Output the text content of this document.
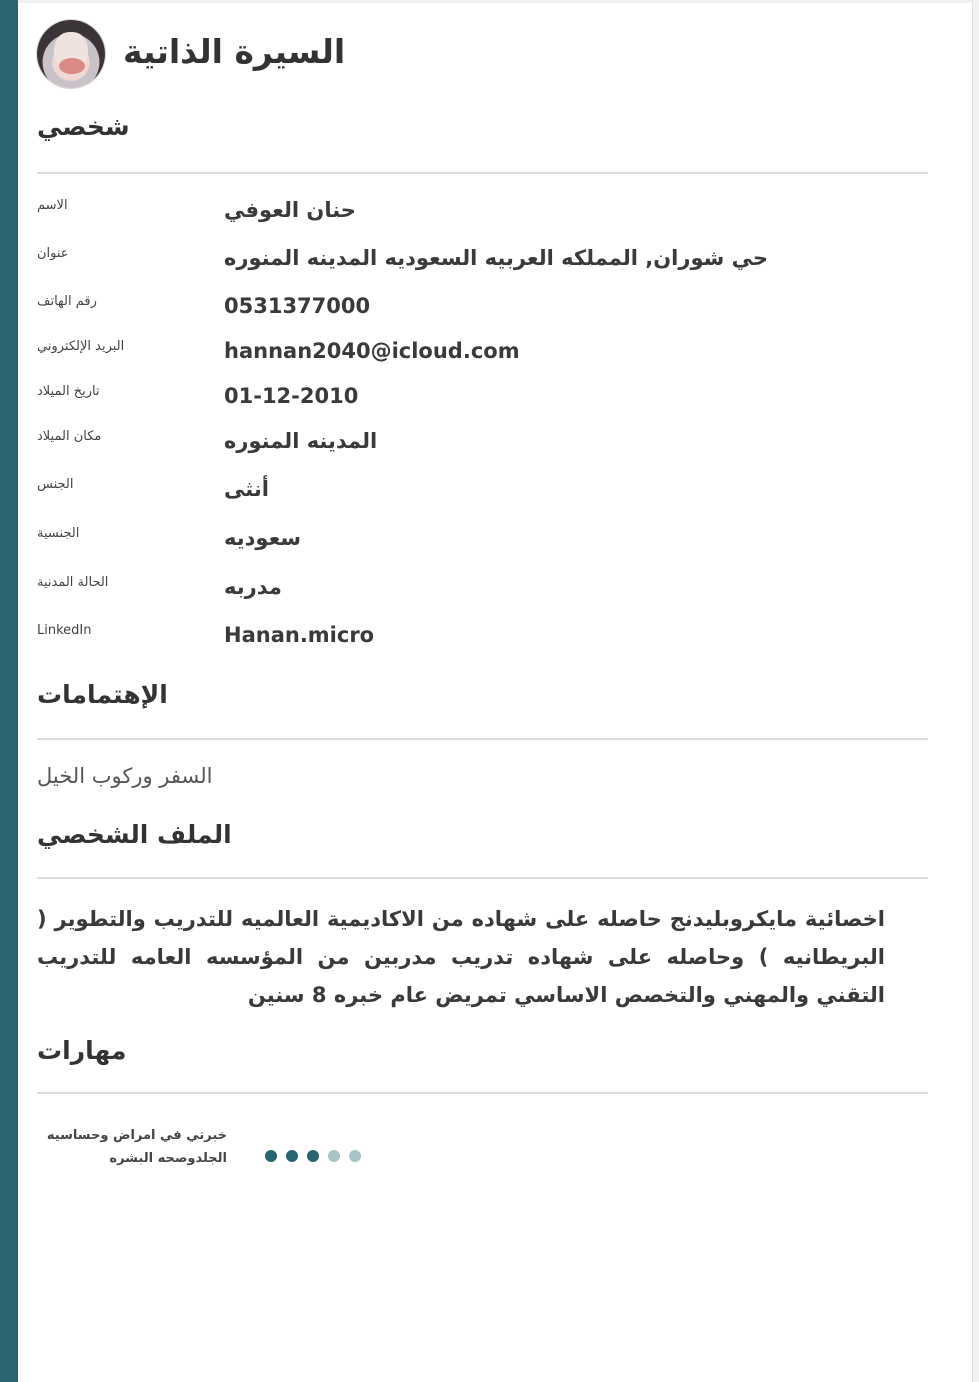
السيرة الذاتية
شخصي
الاسم	حنان العوفي
عنوان	حي شوران, المملكه العربيه السعوديه المدينه المنوره
رقم الهاتف	0531377000
البريد الإلكتروني	hannan2040@icloud.com
تاريخ الميلاد	01-12-2010
مكان الميلاد	المدينه المنوره
الجنس	أنثى
الجنسية	سعوديه
الحالة المدنية	مدربه
LinkedIn	Hanan.micro
الإهتمامات
السفر وركوب الخيل
الملف الشخصي
اخصائية مايكروبليدنج حاصله على شهاده من الاكاديمية العالميه للتدريب والتطوير ( البريطانيه ) وحاصله على شهاده تدريب مدربين من المؤسسه العامه للتدريب التقني والمهني والتخصص الاساسي تمريض عام خبره 8 سنين
مهارات
خبرتي في امراض وحساسيه الجلدوصحه البشره
